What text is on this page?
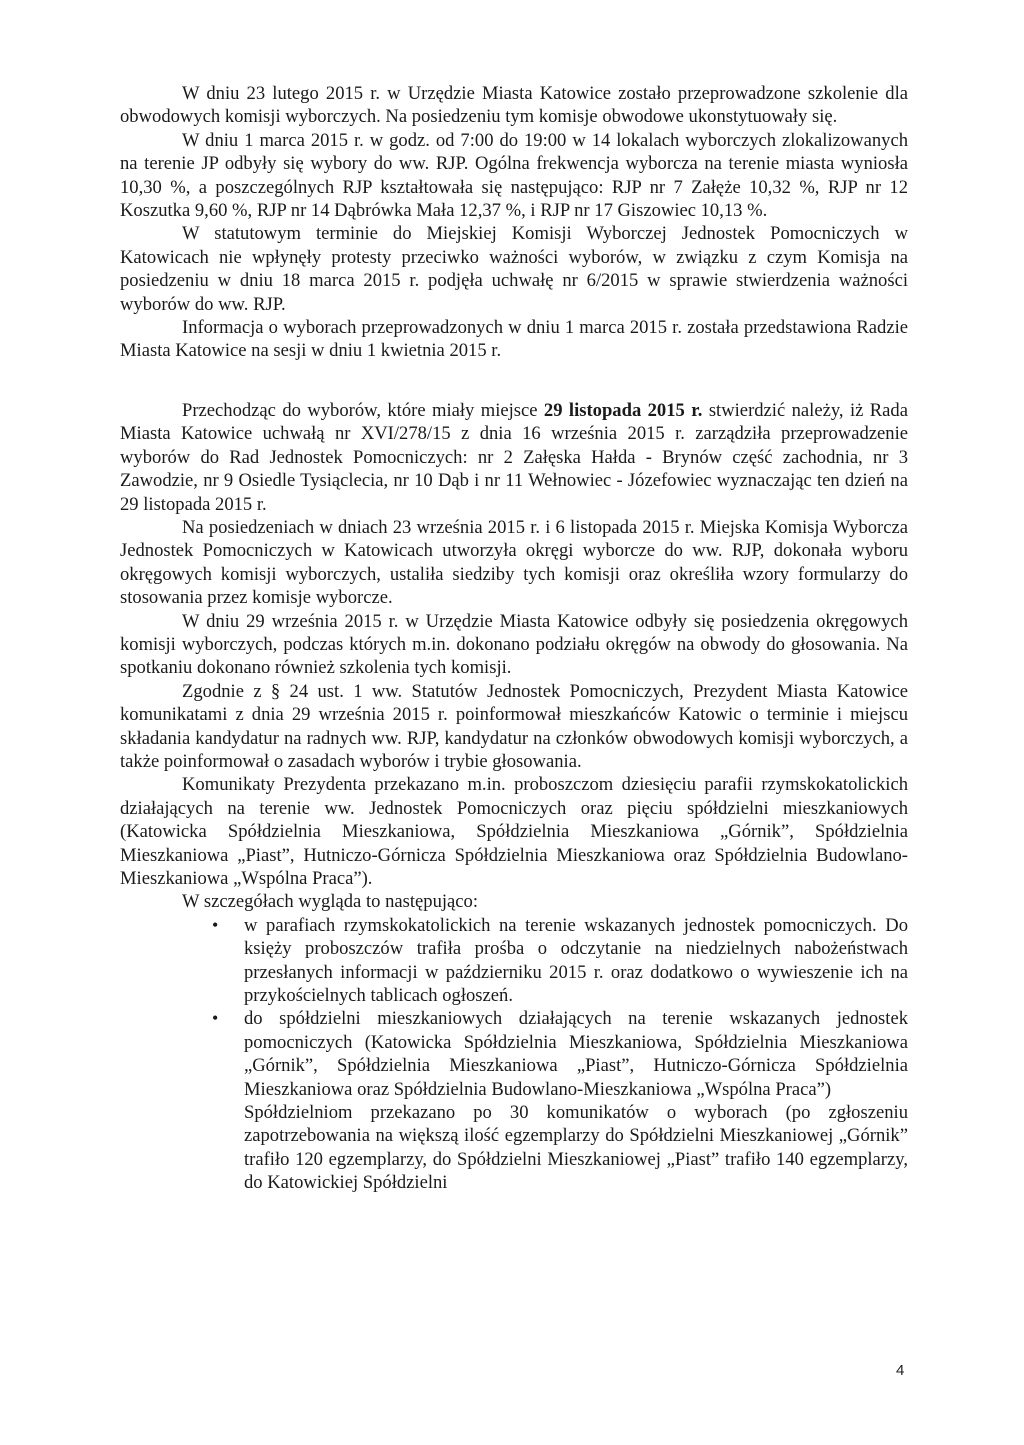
W dniu 23 lutego 2015 r. w Urzędzie Miasta Katowice zostało przeprowadzone szkolenie dla obwodowych komisji wyborczych. Na posiedzeniu tym komisje obwodowe ukonstytuowały się.

W dniu 1 marca 2015 r. w godz. od 7:00 do 19:00 w 14 lokalach wyborczych zlokalizowanych na terenie JP odbyły się wybory do ww. RJP. Ogólna frekwencja wyborcza na terenie miasta wyniosła 10,30 %, a poszczególnych RJP kształtowała się następująco: RJP nr 7 Załęże 10,32 %, RJP nr 12 Koszutka 9,60 %, RJP nr 14 Dąbrówka Mała 12,37 %, i RJP nr 17 Giszowiec 10,13 %.

W statutowym terminie do Miejskiej Komisji Wyborczej Jednostek Pomocniczych w Katowicach nie wpłynęły protesty przeciwko ważności wyborów, w związku z czym Komisja na posiedzeniu w dniu 18 marca 2015 r. podjęła uchwałę nr 6/2015 w sprawie stwierdzenia ważności wyborów do ww. RJP.

Informacja o wyborach przeprowadzonych w dniu 1 marca 2015 r. została przedstawiona Radzie Miasta Katowice na sesji w dniu 1 kwietnia 2015 r.

Przechodząc do wyborów, które miały miejsce 29 listopada 2015 r. stwierdzić należy, iż Rada Miasta Katowice uchwałą nr XVI/278/15 z dnia 16 września 2015 r. zarządziła przeprowadzenie wyborów do Rad Jednostek Pomocniczych: nr 2 Załęska Hałda - Brynów część zachodnia, nr 3 Zawodzie, nr 9 Osiedle Tysiąclecia, nr 10 Dąb i nr 11 Wełnowiec - Józefowiec wyznaczając ten dzień na 29 listopada 2015 r.

Na posiedzeniach w dniach 23 września 2015 r. i 6 listopada 2015 r. Miejska Komisja Wyborcza Jednostek Pomocniczych w Katowicach utworzyła okręgi wyborcze do ww. RJP, dokonała wyboru okręgowych komisji wyborczych, ustaliła siedziby tych komisji oraz określiła wzory formularzy do stosowania przez komisje wyborcze.

W dniu 29 września 2015 r. w Urzędzie Miasta Katowice odbyły się posiedzenia okręgowych komisji wyborczych, podczas których m.in. dokonano podziału okręgów na obwody do głosowania. Na spotkaniu dokonano również szkolenia tych komisji.

Zgodnie z § 24 ust. 1 ww. Statutów Jednostek Pomocniczych, Prezydent Miasta Katowice komunikatami z dnia 29 września 2015 r. poinformował mieszkańców Katowic o terminie i miejscu składania kandydatur na radnych ww. RJP, kandydatur na członków obwodowych komisji wyborczych, a także poinformował o zasadach wyborów i trybie głosowania.

Komunikaty Prezydenta przekazano m.in. proboszczom dziesięciu parafii rzymskokatolickich działających na terenie ww. Jednostek Pomocniczych oraz pięciu spółdzielni mieszkaniowych (Katowicka Spółdzielnia Mieszkaniowa, Spółdzielnia Mieszkaniowa „Górnik”, Spółdzielnia Mieszkaniowa „Piast”, Hutniczo-Górnicza Spółdzielnia Mieszkaniowa oraz Spółdzielnia Budowlano-Mieszkaniowa „Wspólna Praca”).

W szczegółach wygląda to następująco:

• w parafiach rzymskokatolickich na terenie wskazanych jednostek pomocniczych. Do księży proboszczów trafiła prośba o odczytanie na niedzielnych nabożeństwach przesłanych informacji w październiku 2015 r. oraz dodatkowo o wywieszenie ich na przykościelnych tablicach ogłoszeń.
• do spółdzielni mieszkaniowych działających na terenie wskazanych jednostek pomocniczych (Katowicka Spółdzielnia Mieszkaniowa, Spółdzielnia Mieszkaniowa „Górnik”, Spółdzielnia Mieszkaniowa „Piast”, Hutniczo-Górnicza Spółdzielnia Mieszkaniowa oraz Spółdzielnia Budowlano-Mieszkaniowa „Wspólna Praca”)
Spółdzielniom przekazano po 30 komunikatów o wyborach (po zgłoszeniu zapotrzebowania na większą ilość egzemplarzy do Spółdzielni Mieszkaniowej „Górnik” trafiło 120 egzemplarzy, do Spółdzielni Mieszkaniowej „Piast” trafiło 140 egzemplarzy, do Katowickiej Spółdzielni
4
